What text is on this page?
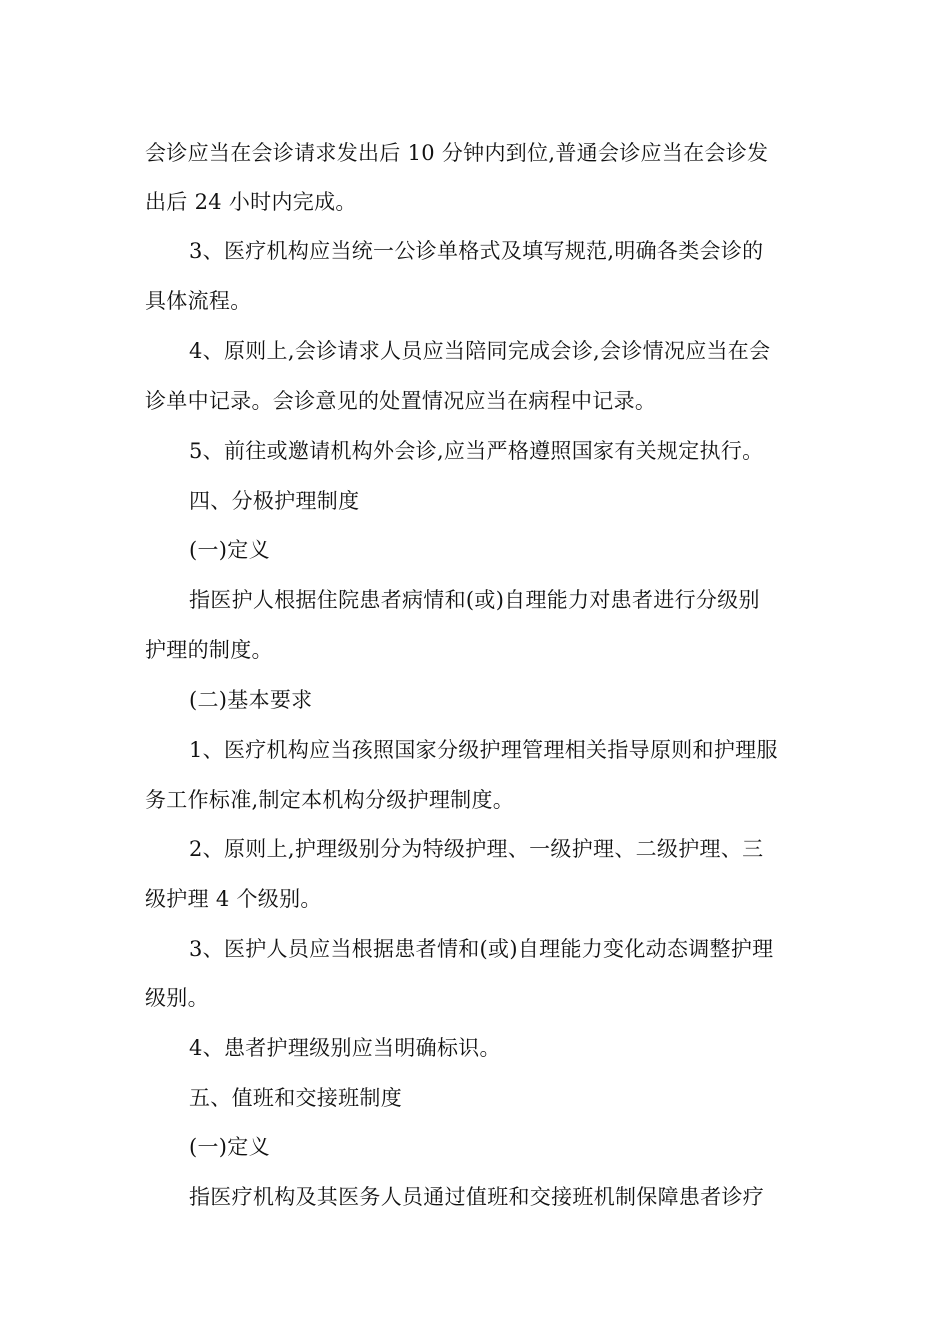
会诊应当在会诊请求发出后 10 分钟内到位,普通会诊应当在会诊发
出后 24 小时内完成。
3、医疗机构应当统一公诊单格式及填写规范,明确各类会诊的
具体流程。
4、原则上,会诊请求人员应当陪同完成会诊,会诊情况应当在会
诊单中记录。会诊意见的处置情况应当在病程中记录。
5、前往或邀请机构外会诊,应当严格遵照国家有关规定执行。
四、分极护理制度
(一)定义
指医护人根据住院患者病情和(或)自理能力对患者进行分级别
护理的制度。
(二)基本要求
1、医疗机构应当孩照国家分级护理管理相关指导原则和护理服
务工作标准,制定本机构分级护理制度。
2、原则上,护理级别分为特级护理、一级护理、二级护理、三
级护理 4 个级别。
3、医护人员应当根据患者情和(或)自理能力变化动态调整护理
级别。
4、患者护理级别应当明确标识。
五、值班和交接班制度
(一)定义
指医疗机构及其医务人员通过值班和交接班机制保障患者诊疗
